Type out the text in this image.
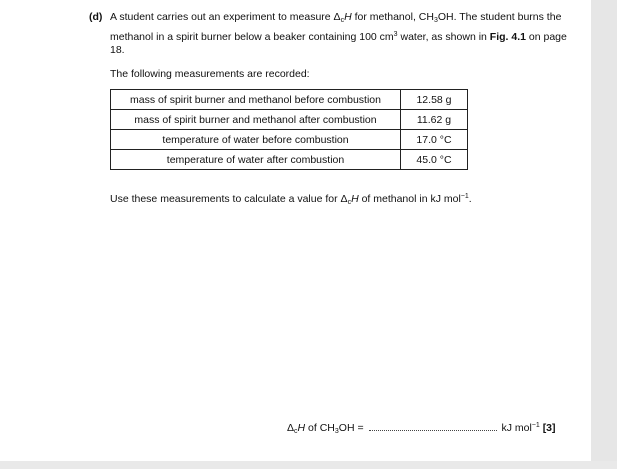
(d) A student carries out an experiment to measure $\Delta_cH$ for methanol, $CH_3OH$. The student burns the methanol in a spirit burner below a beaker containing 100 $cm^3$ water, as shown in Fig. 4.1 on page 18.
The following measurements are recorded:
mass of spirit burner and methanol before combustion	12.58 g
mass of spirit burner and methanol after combustion	11.62 g
temperature of water before combustion	17.0 °C
temperature of water after combustion	45.0 °C
Use these measurements to calculate a value for $\Delta_cH$ of methanol in kJ mol$^{-1}$.
$\Delta_cH$ of $CH_3OH$ =	kJ mol$^{-1}$ [3]
